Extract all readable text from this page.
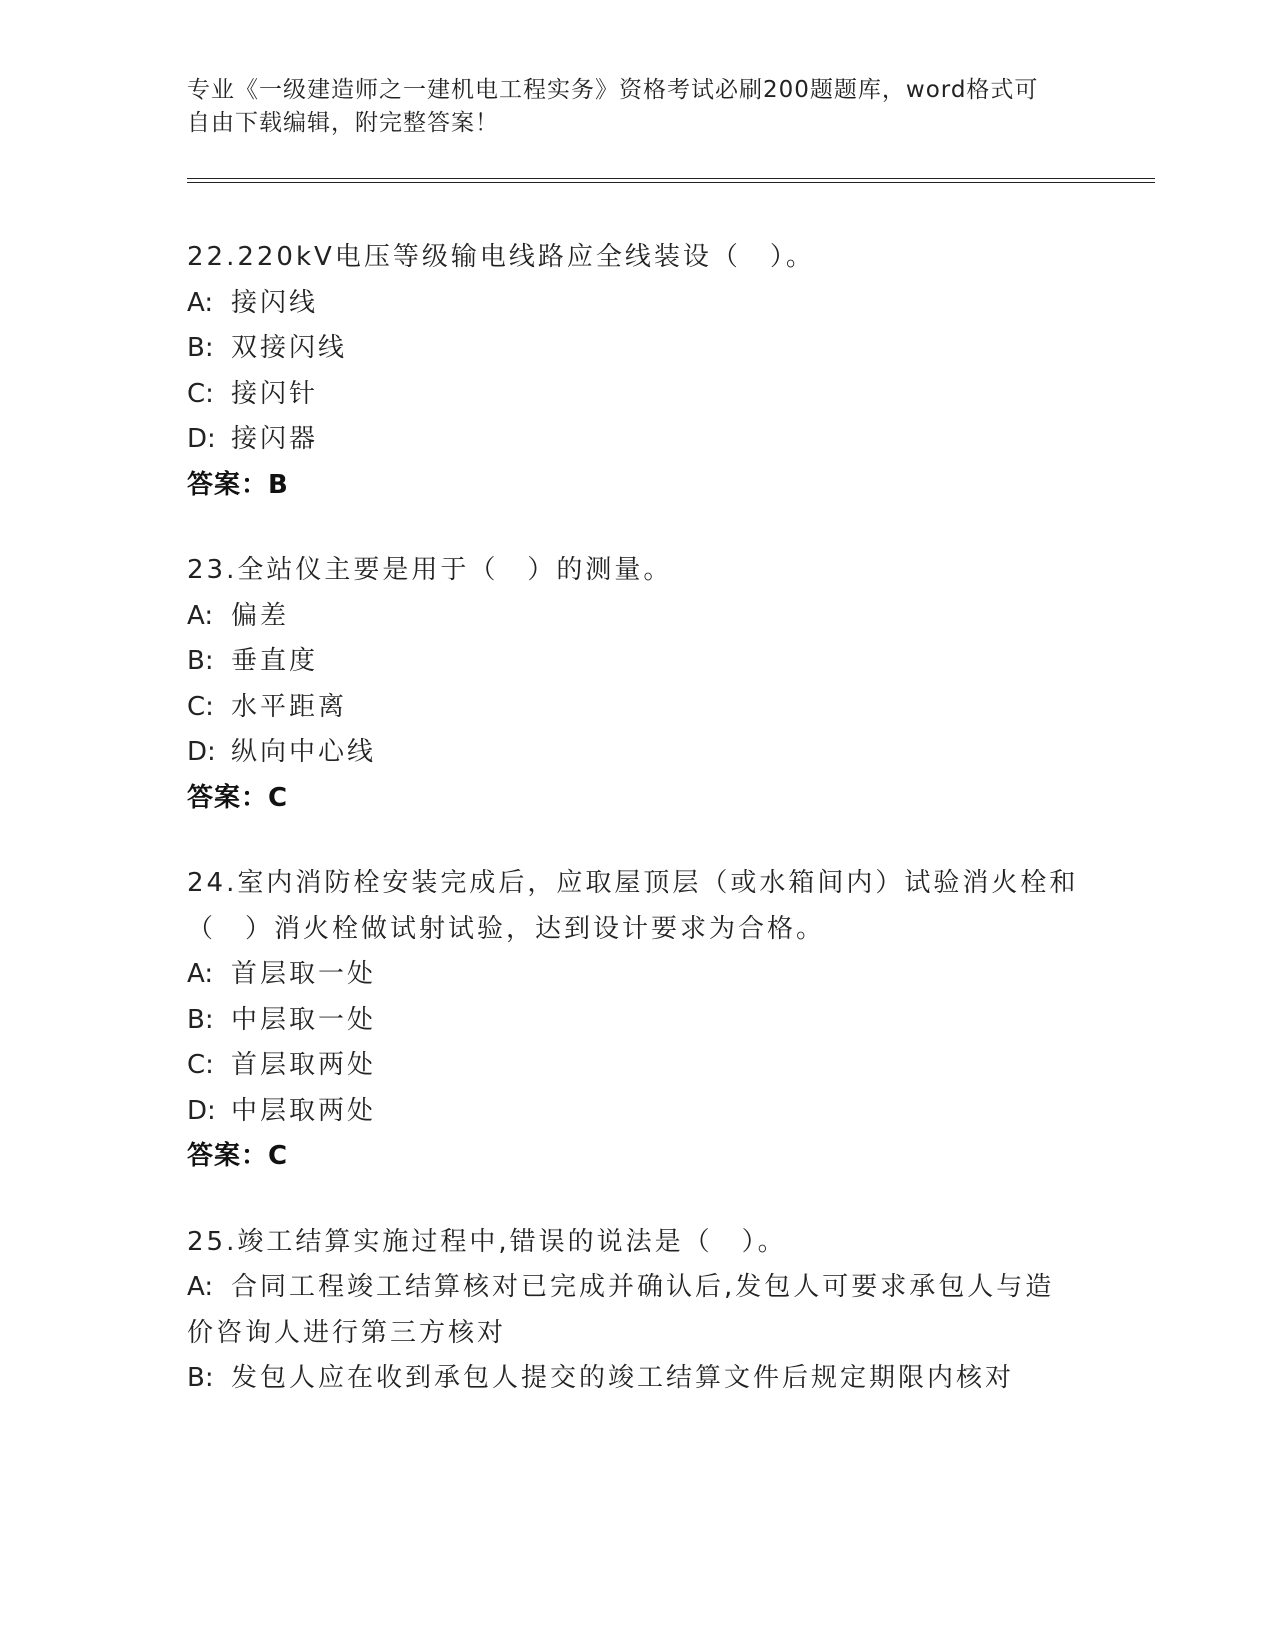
专业《一级建造师之一建机电工程实务》资格考试必刷200题题库，word格式可
自由下载编辑，附完整答案！
22.220kV电压等级输电线路应全线装设（　）。
A: 接闪线
B: 双接闪线
C: 接闪针
D: 接闪器
答案：B
23.全站仪主要是用于（　）的测量。
A: 偏差
B: 垂直度
C: 水平距离
D: 纵向中心线
答案：C
24.室内消防栓安装完成后，应取屋顶层（或水箱间内）试验消火栓和
（　）消火栓做试射试验，达到设计要求为合格。
A: 首层取一处
B: 中层取一处
C: 首层取两处
D: 中层取两处
答案：C
25.竣工结算实施过程中,错误的说法是（　）。
A: 合同工程竣工结算核对已完成并确认后,发包人可要求承包人与造
价咨询人进行第三方核对
B: 发包人应在收到承包人提交的竣工结算文件后规定期限内核对
